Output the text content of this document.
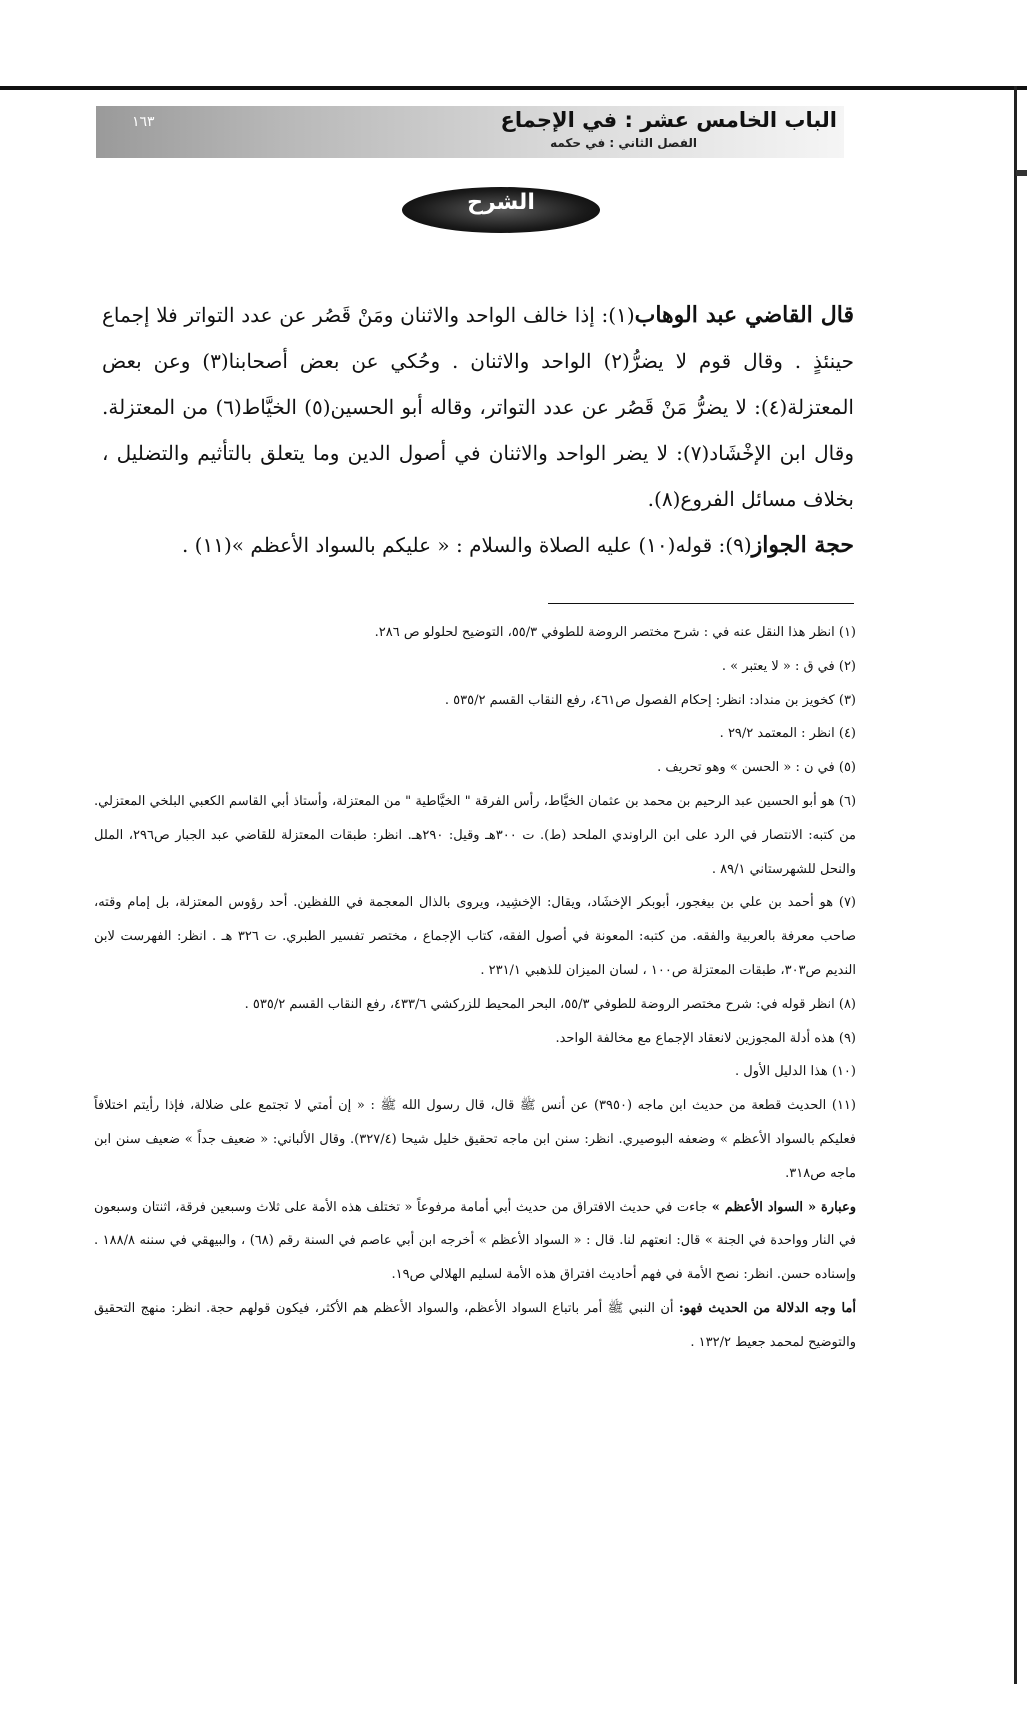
الباب الخامس عشر : في الإجماع
الفصل الثاني : في حكمه
١٦٣
الشرح
قال القاضي عبد الوهاب(١): إذا خالف الواحد والاثنان ومَنْ قَصُر عن عدد التواتر فلا إجماع حينئذٍ . وقال قوم لا يضرُّ(٢) الواحد والاثنان . وحُكي عن بعض أصحابنا(٣) وعن بعض المعتزلة(٤): لا يضرُّ مَنْ قَصُر عن عدد التواتر، وقاله أبو الحسين(٥) الخيَّاط(٦) من المعتزلة. وقال ابن الإخْشَاد(٧): لا يضر الواحد والاثنان في أصول الدين وما يتعلق بالتأثيم والتضليل ، بخلاف مسائل الفروع(٨).
حجة الجواز(٩): قوله(١٠) عليه الصلاة والسلام : « عليكم بالسواد الأعظم »(١١) .
(١) انظر هذا النقل عنه في : شرح مختصر الروضة للطوفي ٥٥/٣، التوضيح لحلولو ص ٢٨٦.
(٢) في ق : « لا يعتبر » .
(٣) كخويز بن منداد: انظر: إحكام الفصول ص٤٦١، رفع النقاب القسم ٥٣٥/٢ .
(٤) انظر : المعتمد ٢٩/٢ .
(٥) في ن : « الحسن » وهو تحريف .
(٦) هو أبو الحسين عبد الرحيم بن محمد بن عثمان الخيَّاط، رأس الفرقة " الخيَّاطية " من المعتزلة، وأستاذ أبي القاسم الكعبي البلخي المعتزلي. من كتبه: الانتصار في الرد على ابن الراوندي الملحد (ط). ت ٣٠٠هـ وقيل: ٢٩٠هـ. انظر: طبقات المعتزلة للقاضي عبد الجبار ص٢٩٦، الملل والنحل للشهرستاني ٨٩/١ .
(٧) هو أحمد بن علي بن بيغجور، أبوبكر الإخشَاد، ويقال: الإخشِيد، ويروى بالذال المعجمة في اللفظين. أحد رؤوس المعتزلة، بل إمام وقته، صاحب معرفة بالعربية والفقه. من كتبه: المعونة في أصول الفقه، كتاب الإجماع ، مختصر تفسير الطبري. ت ٣٢٦ هـ . انظر: الفهرست لابن النديم ص٣٠٣، طبقات المعتزلة ص١٠٠ ، لسان الميزان للذهبي ٢٣١/١ .
(٨) انظر قوله في: شرح مختصر الروضة للطوفي ٥٥/٣، البحر المحيط للزركشي ٤٣٣/٦، رفع النقاب القسم ٥٣٥/٢ .
(٩) هذه أدلة المجوزين لانعقاد الإجماع مع مخالفة الواحد.
(١٠) هذا الدليل الأول .
(١١) الحديث قطعة من حديث ابن ماجه (٣٩٥٠) عن أنس ﷺ قال، قال رسول الله ﷺ : « إن أمتي لا تجتمع على ضلالة، فإذا رأيتم اختلافاً فعليكم بالسواد الأعظم » وضعفه البوصيري. انظر: سنن ابن ماجه تحقيق خليل شيحا (٣٢٧/٤). وقال الألباني: « ضعيف جداً » ضعيف سنن ابن ماجه ص٣١٨.
وعبارة « السواد الأعظم » جاءت في حديث الافتراق من حديث أبي أمامة مرفوعاً « تختلف هذه الأمة على ثلاث وسبعين فرقة، اثنتان وسبعون في النار وواحدة في الجنة » قال: انعتهم لنا. قال : « السواد الأعظم » أخرجه ابن أبي عاصم في السنة رقم (٦٨) ، والبيهقي في سننه ١٨٨/٨ . وإسناده حسن. انظر: نصح الأمة في فهم أحاديث افتراق هذه الأمة لسليم الهلالي ص١٩.
أما وجه الدلالة من الحديث فهو: أن النبي ﷺ أمر باتباع السواد الأعظم، والسواد الأعظم هم الأكثر، فيكون قولهم حجة. انظر: منهج التحقيق والتوضيح لمحمد جعيط ١٣٢/٢ .
